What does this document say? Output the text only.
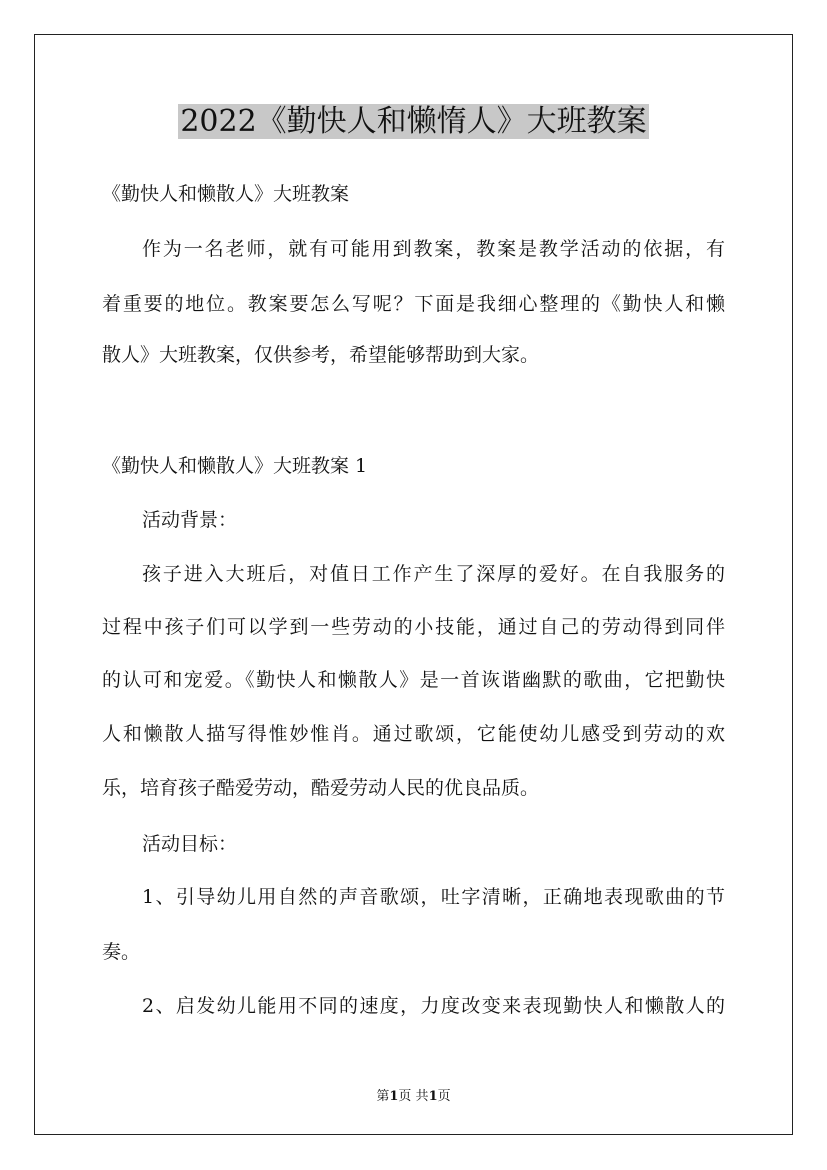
2022《勤快人和懒惰人》大班教案
《勤快人和懒散人》大班教案
作为一名老师，就有可能用到教案，教案是教学活动的依据，有
着重要的地位。教案要怎么写呢？下面是我细心整理的《勤快人和懒
散人》大班教案，仅供参考，希望能够帮助到大家。
《勤快人和懒散人》大班教案 1
活动背景：
孩子进入大班后，对值日工作产生了深厚的爱好。在自我服务的
过程中孩子们可以学到一些劳动的小技能，通过自己的劳动得到同伴
的认可和宠爱。《勤快人和懒散人》是一首诙谐幽默的歌曲，它把勤快
人和懒散人描写得惟妙惟肖。通过歌颂，它能使幼儿感受到劳动的欢
乐，培育孩子酷爱劳动，酷爱劳动人民的优良品质。
活动目标：
1、引导幼儿用自然的声音歌颂，吐字清晰，正确地表现歌曲的节
奏。
2、启发幼儿能用不同的速度，力度改变来表现勤快人和懒散人的
第1页 共1页
